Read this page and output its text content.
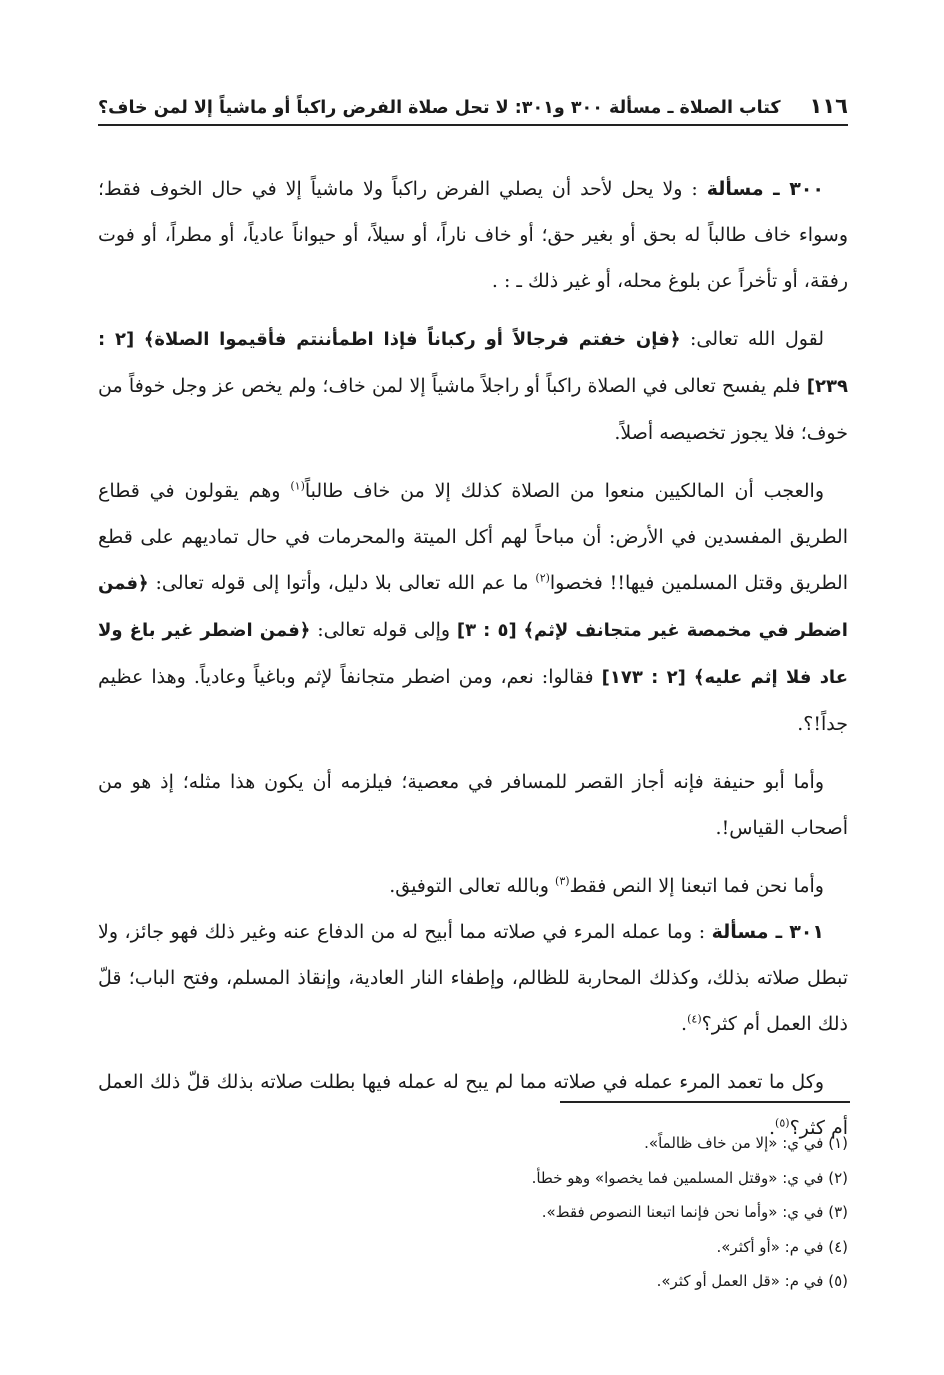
١١٦
كتاب الصلاة ـ مسألة ٣٠٠ و٣٠١: لا تحل صلاة الفرض راكباً أو ماشياً إلا لمن خاف؟

٣٠٠ ـ مسألة : ولا يحل لأحد أن يصلي الفرض راكباً ولا ماشياً إلا في حال الخوف فقط؛ وسواء خاف طالباً له بحق أو بغير حق؛ أو خاف ناراً، أو سيلاً، أو حيواناً عادياً، أو مطراً، أو فوت رفقة، أو تأخراً عن بلوغ محله، أو غير ذلك ـ : .

لقول الله تعالى: ﴿فإن خفتم فرجالاً أو ركباناً فإذا اطمأننتم فأقيموا الصلاة﴾ [٢ : ٢٣٩] فلم يفسح تعالى في الصلاة راكباً أو راجلاً ماشياً إلا لمن خاف؛ ولم يخص عز وجل خوفاً من خوف؛ فلا يجوز تخصيصه أصلاً.

والعجب أن المالكيين منعوا من الصلاة كذلك إلا من خاف طالباً$^{(١)}$ وهم يقولون في قطاع الطريق المفسدين في الأرض: أن مباحاً لهم أكل الميتة والمحرمات في حال تماديهم على قطع الطريق وقتل المسلمين فيها!! فخصوا$^{(٢)}$ ما عم الله تعالى بلا دليل، وأتوا إلى قوله تعالى: ﴿فمن اضطر في مخمصة غير متجانف لإثم﴾ [٥ : ٣] وإلى قوله تعالى: ﴿فمن اضطر غير باغ ولا عاد فلا إثم عليه﴾ [٢ : ١٧٣] فقالوا: نعم، ومن اضطر متجانفاً لإثم وباغياً وعادياً. وهذا عظيم جداً!؟.

وأما أبو حنيفة فإنه أجاز القصر للمسافر في معصية؛ فيلزمه أن يكون هذا مثله؛ إذ هو من أصحاب القياس!.

وأما نحن فما اتبعنا إلا النص فقط$^{(٣)}$ وبالله تعالى التوفيق.

٣٠١ ـ مسألة : وما عمله المرء في صلاته مما أبيح له من الدفاع عنه وغير ذلك فهو جائز، ولا تبطل صلاته بذلك، وكذلك المحاربة للظالم، وإطفاء النار العادية، وإنقاذ المسلم، وفتح الباب؛ قلّ ذلك العمل أم كثر؟$^{(٤)}$.

وكل ما تعمد المرء عمله في صلاته مما لم يبح له عمله فيها بطلت صلاته بذلك قلّ ذلك العمل أم كثر؟$^{(٥)}$.

(١) في ي: «إلا من خاف ظالماً».
(٢) في ي: «وقتل المسلمين فما يخصوا» وهو خطأ.
(٣) في ي: «وأما نحن فإنما اتبعنا النصوص فقط».
(٤) في م: «أو أكثر».
(٥) في م: «قل العمل أو كثر».
